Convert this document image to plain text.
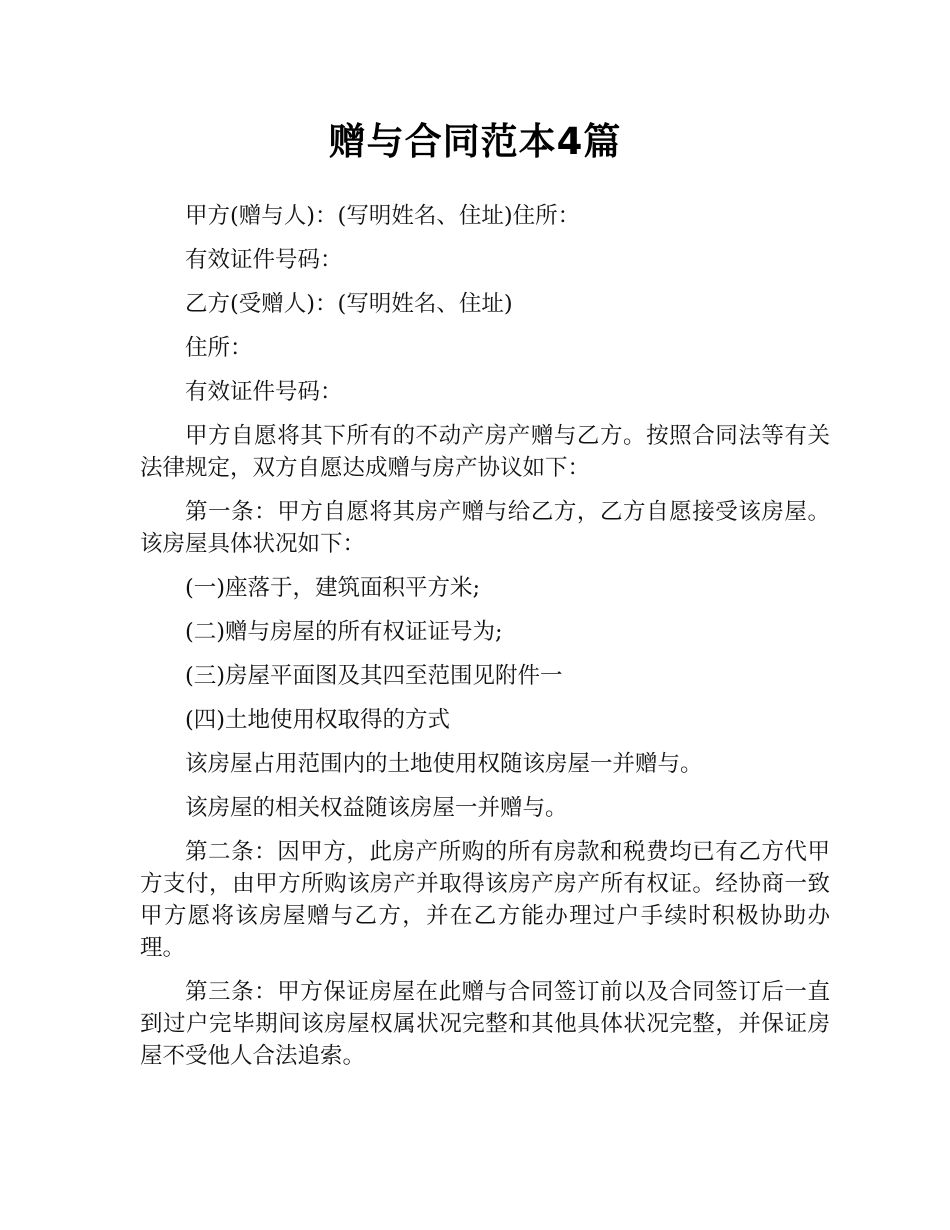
赠与合同范本4篇

甲方(赠与人)：(写明姓名、住址)住所：

有效证件号码：

乙方(受赠人)：(写明姓名、住址)

住所：

有效证件号码：

甲方自愿将其下所有的不动产房产赠与乙方。按照合同法等有关法律规定，双方自愿达成赠与房产协议如下：

第一条：甲方自愿将其房产赠与给乙方，乙方自愿接受该房屋。该房屋具体状况如下：

(一)座落于，建筑面积平方米;

(二)赠与房屋的所有权证证号为;

(三)房屋平面图及其四至范围见附件一

(四)土地使用权取得的方式

该房屋占用范围内的土地使用权随该房屋一并赠与。

该房屋的相关权益随该房屋一并赠与。

第二条：因甲方，此房产所购的所有房款和税费均已有乙方代甲方支付，由甲方所购该房产并取得该房产房产所有权证。经协商一致甲方愿将该房屋赠与乙方，并在乙方能办理过户手续时积极协助办理。

第三条：甲方保证房屋在此赠与合同签订前以及合同签订后一直到过户完毕期间该房屋权属状况完整和其他具体状况完整，并保证房屋不受他人合法追索。
